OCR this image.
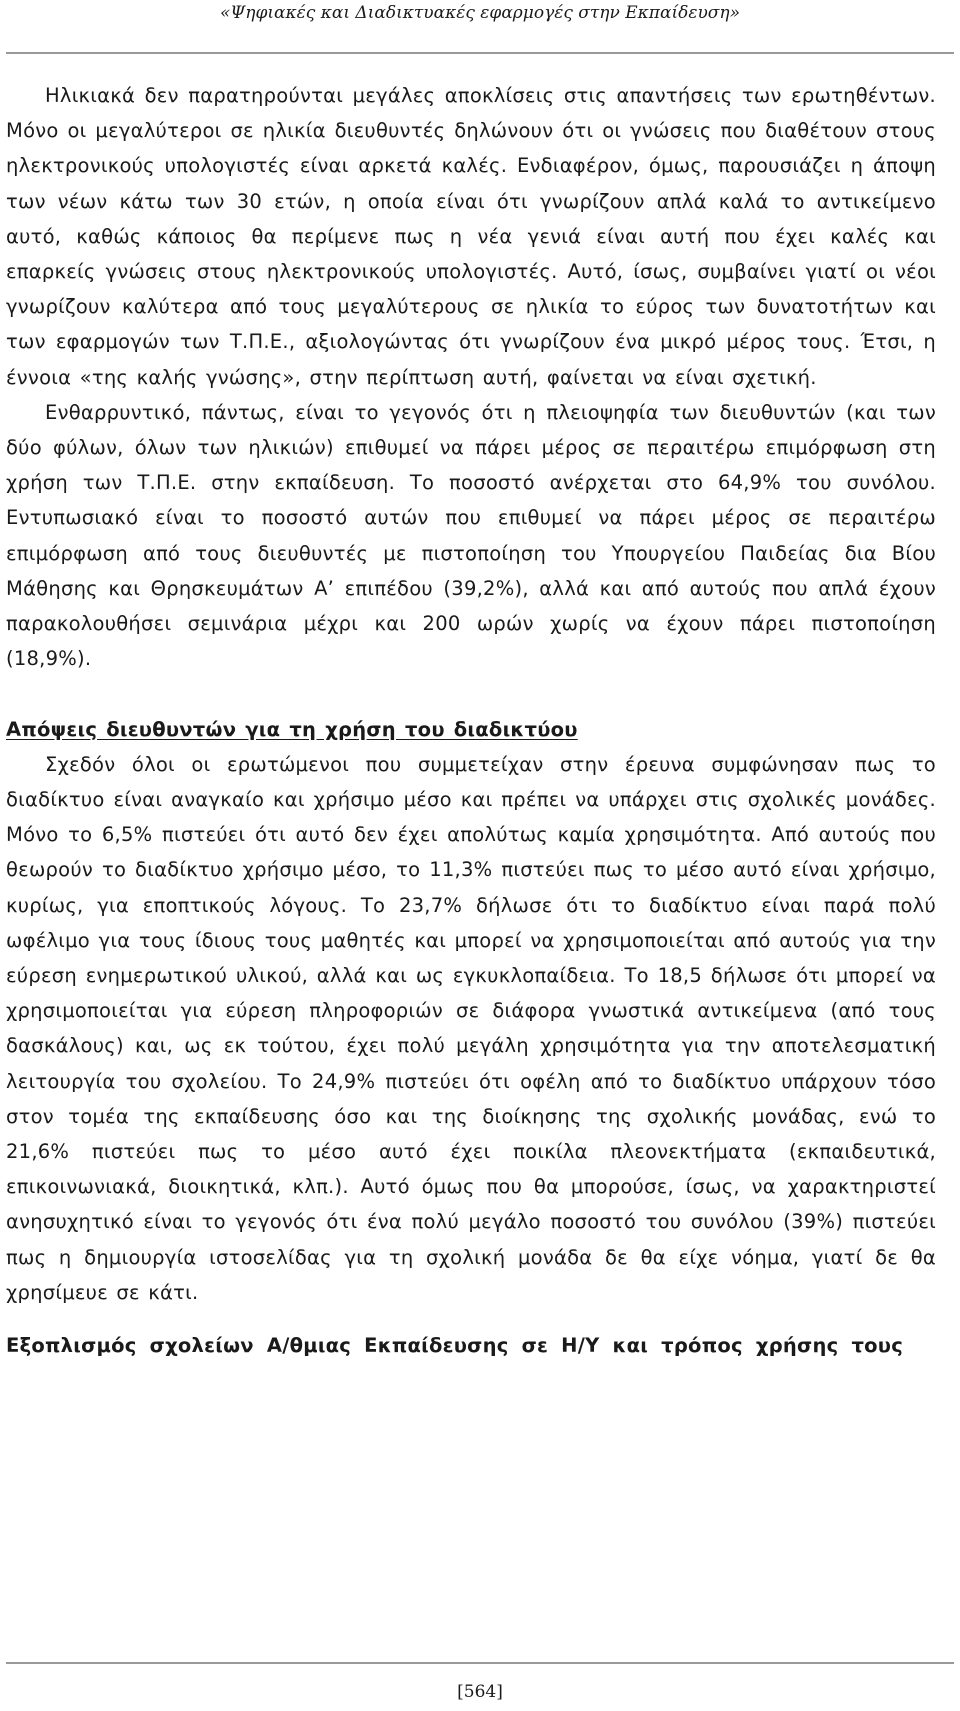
«Ψηφιακές και Διαδικτυακές εφαρμογές στην Εκπαίδευση»

Ηλικιακά δεν παρατηρούνται μεγάλες αποκλίσεις στις απαντήσεις των ερωτηθέντων. Μόνο οι μεγαλύτεροι σε ηλικία διευθυντές δηλώνουν ότι οι γνώσεις που διαθέτουν στους ηλεκτρονικούς υπολογιστές είναι αρκετά καλές. Ενδιαφέρον, όμως, παρουσιάζει η άποψη των νέων κάτω των 30 ετών, η οποία είναι ότι γνωρίζουν απλά καλά το αντικείμενο αυτό, καθώς κάποιος θα περίμενε πως η νέα γενιά είναι αυτή που έχει καλές και επαρκείς γνώσεις στους ηλεκτρονικούς υπολογιστές. Αυτό, ίσως, συμβαίνει γιατί οι νέοι γνωρίζουν καλύτερα από τους μεγαλύτερους σε ηλικία το εύρος των δυνατοτήτων και των εφαρμογών των Τ.Π.Ε., αξιολογώντας ότι γνωρίζουν ένα μικρό μέρος τους. Έτσι, η έννοια «της καλής γνώσης», στην περίπτωση αυτή, φαίνεται να είναι σχετική.

Ενθαρρυντικό, πάντως, είναι το γεγονός ότι η πλειοψηφία των διευθυντών (και των δύο φύλων, όλων των ηλικιών) επιθυμεί να πάρει μέρος σε περαιτέρω επιμόρφωση στη χρήση των Τ.Π.Ε. στην εκπαίδευση. Το ποσοστό ανέρχεται στο 64,9% του συνόλου. Εντυπωσιακό είναι το ποσοστό αυτών που επιθυμεί να πάρει μέρος σε περαιτέρω επιμόρφωση από τους διευθυντές με πιστοποίηση του Υπουργείου Παιδείας δια Βίου Μάθησης και Θρησκευμάτων Α’ επιπέδου (39,2%), αλλά και από αυτούς που απλά έχουν παρακολουθήσει σεμινάρια μέχρι και 200 ωρών χωρίς να έχουν πάρει πιστοποίηση (18,9%).

Απόψεις διευθυντών για τη χρήση του διαδικτύου

Σχεδόν όλοι οι ερωτώμενοι που συμμετείχαν στην έρευνα συμφώνησαν πως το διαδίκτυο είναι αναγκαίο και χρήσιμο μέσο και πρέπει να υπάρχει στις σχολικές μονάδες. Μόνο το 6,5% πιστεύει ότι αυτό δεν έχει απολύτως καμία χρησιμότητα. Από αυτούς που θεωρούν το διαδίκτυο χρήσιμο μέσο, το 11,3% πιστεύει πως το μέσο αυτό είναι χρήσιμο, κυρίως, για εποπτικούς λόγους. Το 23,7% δήλωσε ότι το διαδίκτυο είναι παρά πολύ ωφέλιμο για τους ίδιους τους μαθητές και μπορεί να χρησιμοποιείται από αυτούς για την εύρεση ενημερωτικού υλικού, αλλά και ως εγκυκλοπαίδεια. Το 18,5 δήλωσε ότι μπορεί να χρησιμοποιείται για εύρεση πληροφοριών σε διάφορα γνωστικά αντικείμενα (από τους δασκάλους) και, ως εκ τούτου, έχει πολύ μεγάλη χρησιμότητα για την αποτελεσματική λειτουργία του σχολείου. Το 24,9% πιστεύει ότι οφέλη από το διαδίκτυο υπάρχουν τόσο στον τομέα της εκπαίδευσης όσο και της διοίκησης της σχολικής μονάδας, ενώ το 21,6% πιστεύει πως το μέσο αυτό έχει ποικίλα πλεονεκτήματα (εκπαιδευτικά, επικοινωνιακά, διοικητικά, κλπ.). Αυτό όμως που θα μπορούσε, ίσως, να χαρακτηριστεί ανησυχητικό είναι το γεγονός ότι ένα πολύ μεγάλο ποσοστό του συνόλου (39%) πιστεύει πως η δημιουργία ιστοσελίδας για τη σχολική μονάδα δε θα είχε νόημα, γιατί δε θα χρησίμευε σε κάτι.

Εξοπλισμός σχολείων Α/θμιας Εκπαίδευσης σε Η/Υ και τρόπος χρήσης τους
[564]
